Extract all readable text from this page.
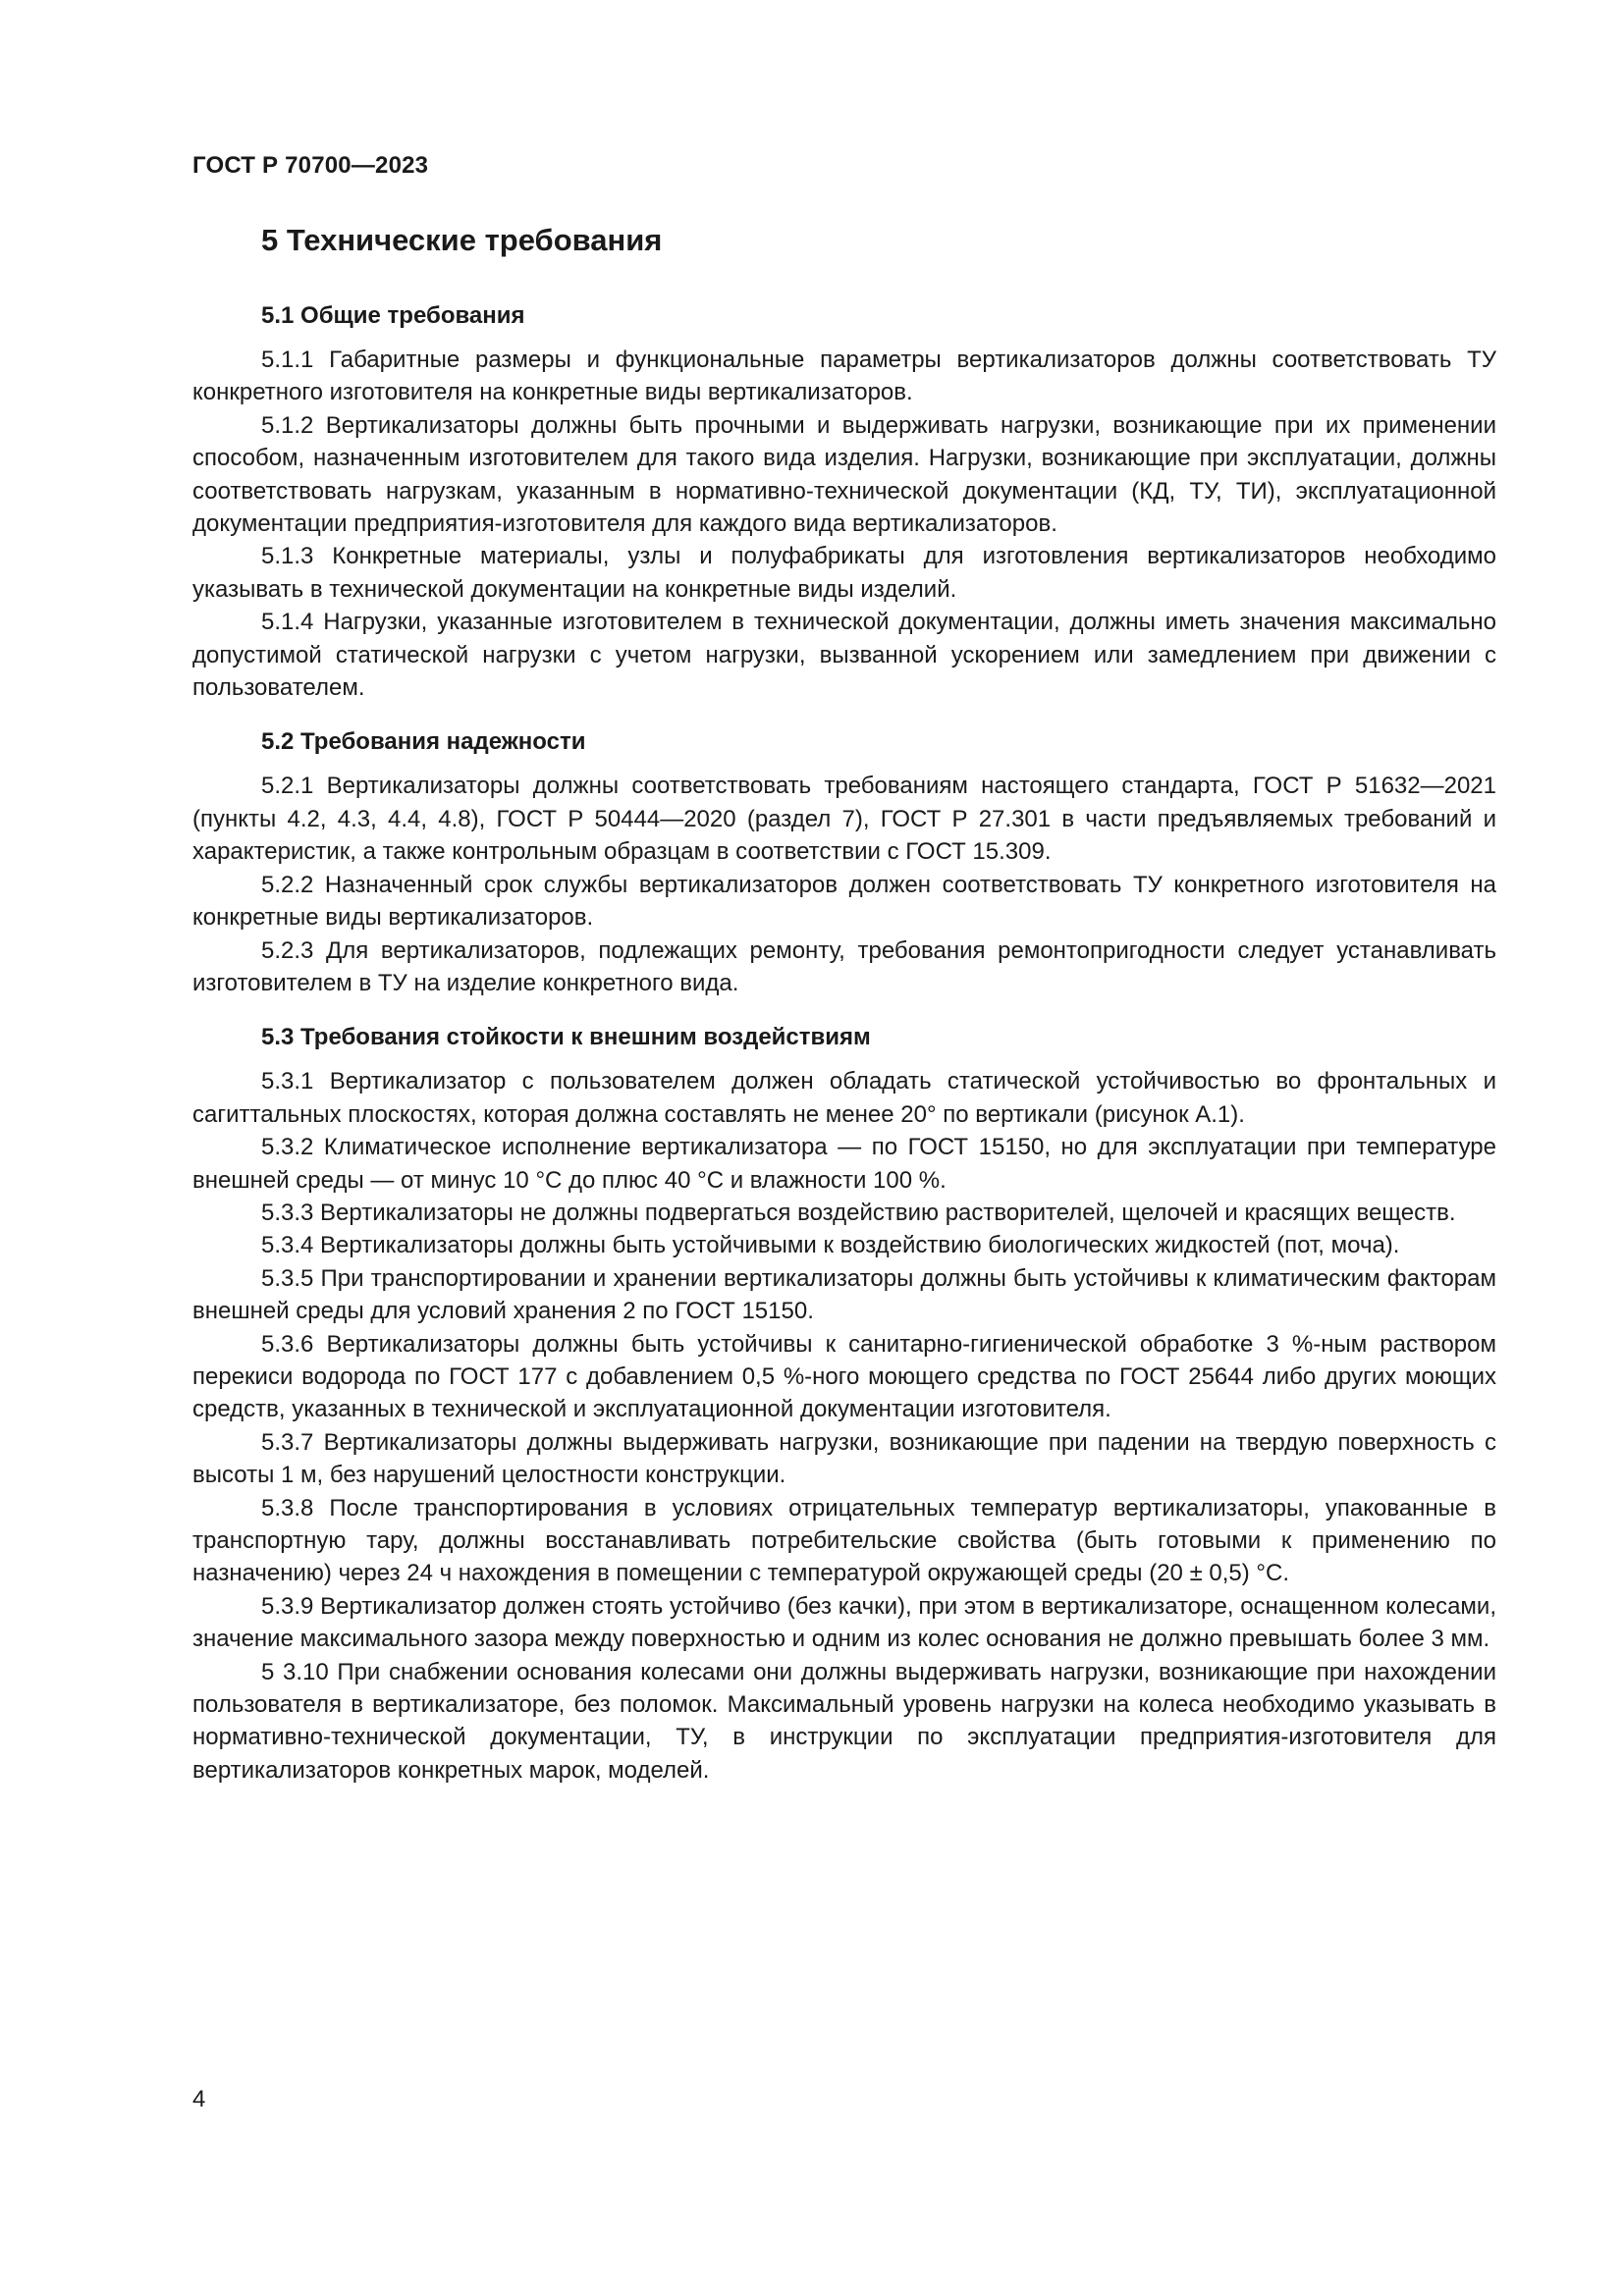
ГОСТ Р 70700—2023
5 Технические требования
5.1 Общие требования

5.1.1 Габаритные размеры и функциональные параметры вертикализаторов должны соответствовать ТУ конкретного изготовителя на конкретные виды вертикализаторов.

5.1.2 Вертикализаторы должны быть прочными и выдерживать нагрузки, возникающие при их применении способом, назначенным изготовителем для такого вида изделия. Нагрузки, возникающие при эксплуатации, должны соответствовать нагрузкам, указанным в нормативно-технической документации (КД, ТУ, ТИ), эксплуатационной документации предприятия-изготовителя для каждого вида вертикализаторов.

5.1.3 Конкретные материалы, узлы и полуфабрикаты для изготовления вертикализаторов необходимо указывать в технической документации на конкретные виды изделий.

5.1.4 Нагрузки, указанные изготовителем в технической документации, должны иметь значения максимально допустимой статической нагрузки с учетом нагрузки, вызванной ускорением или замедлением при движении с пользователем.

5.2 Требования надежности

5.2.1 Вертикализаторы должны соответствовать требованиям настоящего стандарта, ГОСТ Р 51632—2021 (пункты 4.2, 4.3, 4.4, 4.8), ГОСТ Р 50444—2020 (раздел 7), ГОСТ Р 27.301 в части предъявляемых требований и характеристик, а также контрольным образцам в соответствии с ГОСТ 15.309.

5.2.2 Назначенный срок службы вертикализаторов должен соответствовать ТУ конкретного изготовителя на конкретные виды вертикализаторов.

5.2.3 Для вертикализаторов, подлежащих ремонту, требования ремонтопригодности следует устанавливать изготовителем в ТУ на изделие конкретного вида.

5.3 Требования стойкости к внешним воздействиям

5.3.1 Вертикализатор с пользователем должен обладать статической устойчивостью во фронтальных и сагиттальных плоскостях, которая должна составлять не менее 20° по вертикали (рисунок А.1).

5.3.2 Климатическое исполнение вертикализатора — по ГОСТ 15150, но для эксплуатации при температуре внешней среды — от минус 10 °С до плюс 40 °С и влажности 100 %.

5.3.3 Вертикализаторы не должны подвергаться воздействию растворителей, щелочей и красящих веществ.

5.3.4 Вертикализаторы должны быть устойчивыми к воздействию биологических жидкостей (пот, моча).

5.3.5 При транспортировании и хранении вертикализаторы должны быть устойчивы к климатическим факторам внешней среды для условий хранения 2 по ГОСТ 15150.

5.3.6 Вертикализаторы должны быть устойчивы к санитарно-гигиенической обработке 3 %-ным раствором перекиси водорода по ГОСТ 177 с добавлением 0,5 %-ного моющего средства по ГОСТ 25644 либо других моющих средств, указанных в технической и эксплуатационной документации изготовителя.

5.3.7 Вертикализаторы должны выдерживать нагрузки, возникающие при падении на твердую поверхность с высоты 1 м, без нарушений целостности конструкции.

5.3.8 После транспортирования в условиях отрицательных температур вертикализаторы, упакованные в транспортную тару, должны восстанавливать потребительские свойства (быть готовыми к применению по назначению) через 24 ч нахождения в помещении с температурой окружающей среды (20 ± 0,5) °С.

5.3.9 Вертикализатор должен стоять устойчиво (без качки), при этом в вертикализаторе, оснащенном колесами, значение максимального зазора между поверхностью и одним из колес основания не должно превышать более 3 мм.

5 3.10 При снабжении основания колесами они должны выдерживать нагрузки, возникающие при нахождении пользователя в вертикализаторе, без поломок. Максимальный уровень нагрузки на колеса необходимо указывать в нормативно-технической документации, ТУ, в инструкции по эксплуатации предприятия-изготовителя для вертикализаторов конкретных марок, моделей.

4
